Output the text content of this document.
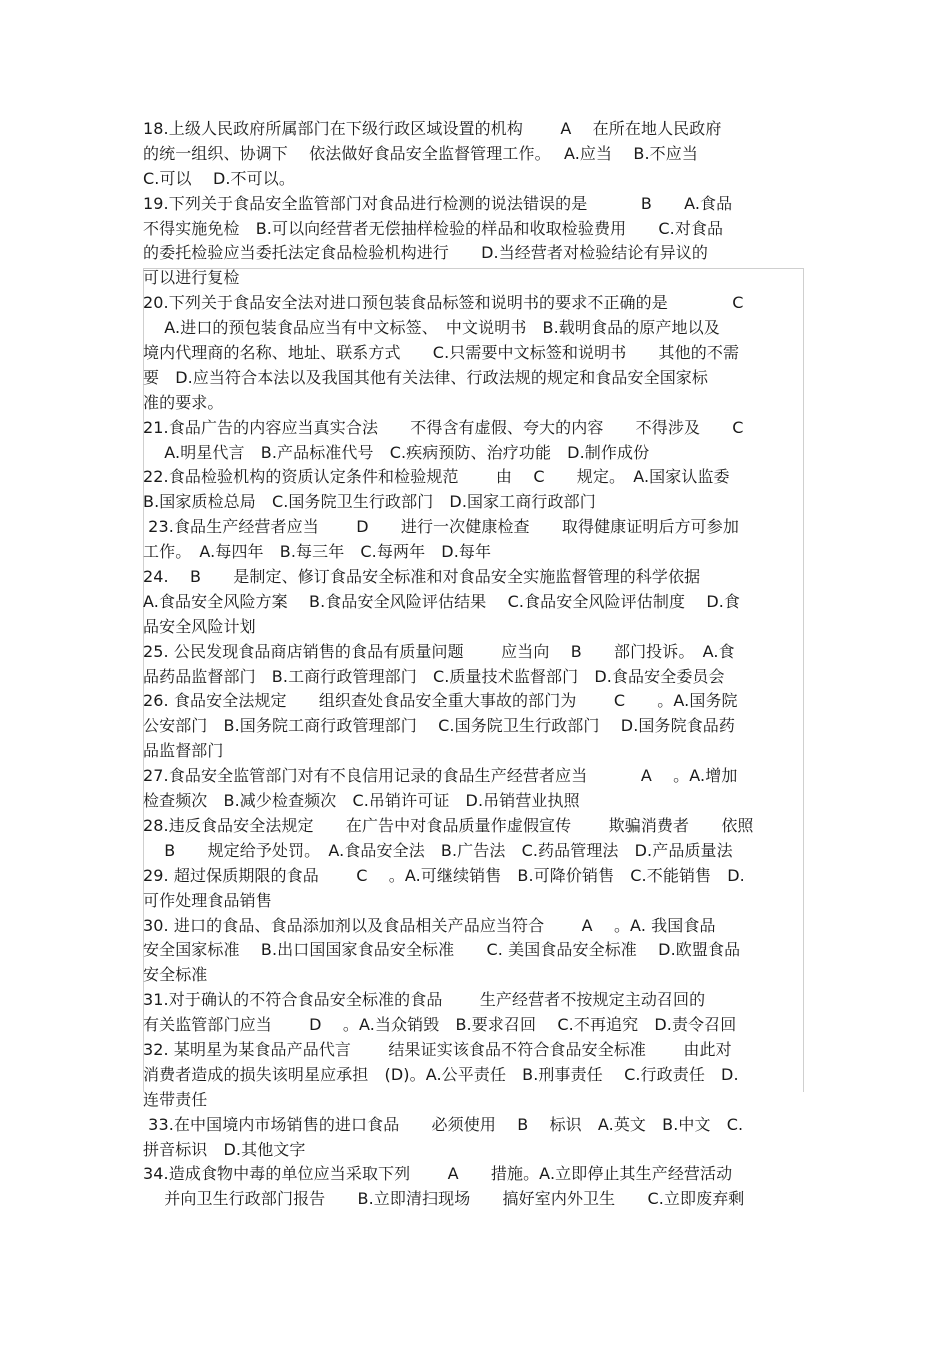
18.上级人民政府所属部门在下级行政区域设置的机构　　 A　 在所在地人民政府
的统一组织、协调下　 依法做好食品安全监督管理工作。　 A.应当　 B.不应当
C.可以　 D.不可以。
19.下列关于食品安全监管部门对食品进行检测的说法错误的是　　　 B　　A.食品
不得实施免检　B.可以向经营者无偿抽样检验的样品和收取检验费用　　C.对食品
的委托检验应当委托法定食品检验机构进行　　D.当经营者对检验结论有异议的
可以进行复检
20.下列关于食品安全法对进口预包装食品标签和说明书的要求不正确的是　　　　C
　 A.进口的预包装食品应当有中文标签、　中文说明书　B.载明食品的原产地以及
境内代理商的名称、地址、联系方式　　C.只需要中文标签和说明书　　其他的不需
要　D.应当符合本法以及我国其他有关法律、行政法规的规定和食品安全国家标
准的要求。
21.食品广告的内容应当真实合法　　不得含有虚假、夸大的内容　　不得涉及　　C
　 A.明星代言　B.产品标准代号　C.疾病预防、治疗功能　D.制作成份
22.食品检验机构的资质认定条件和检验规范　　 由　 C　　规定。　A.国家认监委
B.国家质检总局　C.国务院卫生行政部门　D.国家工商行政部门
23.食品生产经营者应当　　 D　　进行一次健康检查　　取得健康证明后方可参加
工作。　A.每四年　B.每三年　C.每两年　D.每年
24.　 B　　是制定、修订食品安全标准和对食品安全实施监督管理的科学依据
A.食品安全风险方案　 B.食品安全风险评估结果　 C.食品安全风险评估制度　 D.食
品安全风险计划
25. 公民发现食品商店销售的食品有质量问题　　 应当向　 B　　部门投诉。　A.食
品药品监督部门　B.工商行政管理部门　C.质量技术监督部门　D.食品安全委员会
26. 食品安全法规定　　组织查处食品安全重大事故的部门为　　 C　　。A.国务院
公安部门　B.国务院工商行政管理部门　 C.国务院卫生行政部门　 D.国务院食品药
品监督部门
27.食品安全监管部门对有不良信用记录的食品生产经营者应当　　　 A　 。A.增加
检查频次　B.减少检查频次　C.吊销许可证　D.吊销营业执照
28.违反食品安全法规定　　在广告中对食品质量作虚假宣传　　 欺骗消费者　　依照
　 B　　规定给予处罚。　A.食品安全法　B.广告法　C.药品管理法　D.产品质量法
29. 超过保质期限的食品　　 C　 。A.可继续销售　B.可降价销售　C.不能销售　D.
可作处理食品销售
30. 进口的食品、食品添加剂以及食品相关产品应当符合　　 A　 。A. 我国食品
安全国家标准　 B.出口国国家食品安全标准　　C. 美国食品安全标准　 D.欧盟食品
安全标准
31.对于确认的不符合食品安全标准的食品　　 生产经营者不按规定主动召回的
有关监管部门应当　　 D　 。A.当众销毁　B.要求召回　 C.不再追究　D.责令召回
32. 某明星为某食品产品代言　　 结果证实该食品不符合食品安全标准　　 由此对
消费者造成的损失该明星应承担　(D)。A.公平责任　B.刑事责任　 C.行政责任　D.
连带责任
33.在中国境内市场销售的进口食品　　必须使用　 B　 标识　A.英文　B.中文　C.
拼音标识　D.其他文字
34.造成食物中毒的单位应当采取下列　　 A　　措施。A.立即停止其生产经营活动
　 并向卫生行政部门报告　　B.立即清扫现场　　搞好室内外卫生　　C.立即废弃剩
